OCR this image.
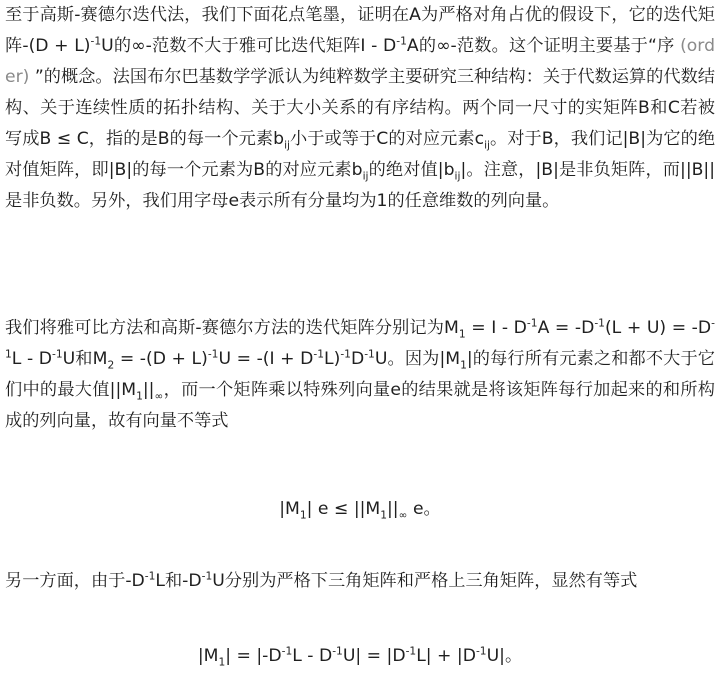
至于高斯-赛德尔迭代法，我们下面花点笔墨，证明在A为严格对角占优的假设下，它的迭代矩阵$-(D + L)^{-1}U$的∞-范数不大于雅可比迭代矩阵I - $D^{-1}A$的∞-范数。这个证明主要基于“序 (order) ”的概念。法国布尔巴基数学学派认为纯粹数学主要研究三种结构：关于代数运算的代数结构、关于连续性质的拓扑结构、关于大小关系的有序结构。两个同一尺寸的实矩阵B和C若被写成B ≤ C，指的是B的每一个元素$b_{ij}$小于或等于C的对应元素$c_{ij}$。对于B，我们记|B|为它的绝对值矩阵，即|B|的每一个元素为B的对应元素$b_{ij}$的绝对值$|b_{ij}|$。注意，|B|是非负矩阵，而||B||是非负数。另外，我们用字母e表示所有分量均为1的任意维数的列向量。

我们将雅可比方法和高斯-赛德尔方法的迭代矩阵分别记为$M_1 = I - D^{-1}A = -D^{-1}(L + U) = -D^{-1}L - D^{-1}U$和$M_2 = -(D + L)^{-1}U = -(I + D^{-1}L)^{-1}D^{-1}U$。因为$|M_1|$的每行所有元素之和都不大于它们中的最大值$||M_1||_\infty$，而一个矩阵乘以特殊列向量e的结果就是将该矩阵每行加起来的和所构成的列向量，故有向量不等式

$|M_1|$ $e \le ||M_1||_\infty$ e。

另一方面，由于$-D^{-1}L$和$-D^{-1}U$分别为严格下三角矩阵和严格上三角矩阵，显然有等式

$|M_1| = |-D^{-1}L - D^{-1}U| = |D^{-1}L| + |D^{-1}U|$。
